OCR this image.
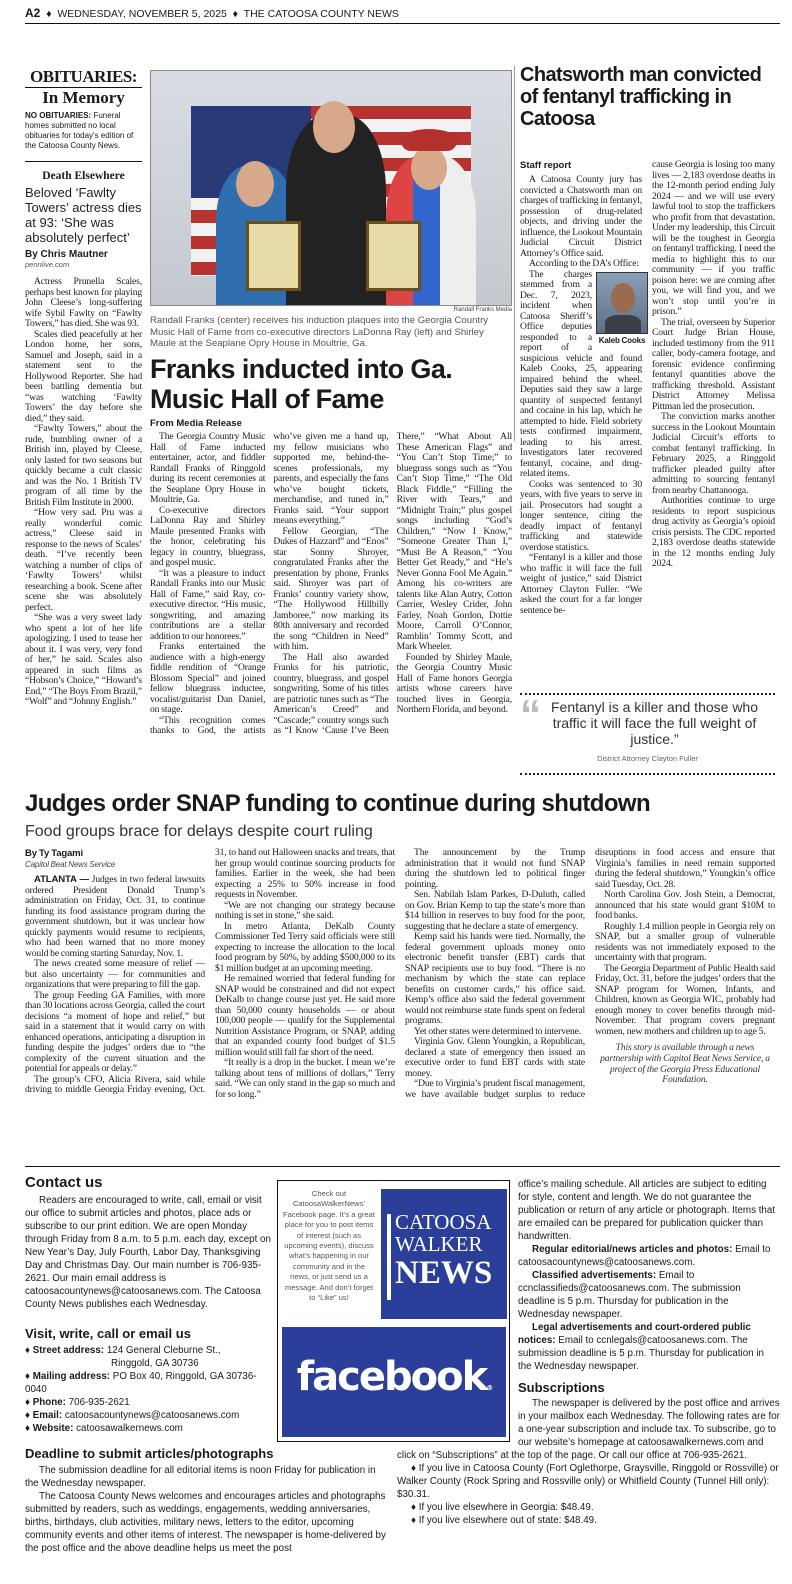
A2 ♦ WEDNESDAY, NOVEMBER 5, 2025 ♦ THE CATOOSA COUNTY NEWS
OBITUARIES:
In Memory
NO OBITUARIES: Funeral homes submitted no local obituaries for today's edition of the Catoosa County News.
Death Elsewhere
Beloved ‘Fawlty Towers’ actress dies at 93: ‘She was absolutely perfect’
By Chris Mautner
pennlive.com

Actress Prunella Scales, perhaps best known for playing John Cleese’s long-suffering wife Sybil Fawlty on “Fawlty Towers,” has died. She was 93.

Scales died peacefully at her London home, her sons, Samuel and Joseph, said in a statement sent to the Hollywood Reporter. She had been battling dementia but “was watching ‘Fawlty Towers’ the day before she died,” they said.

“Fawlty Towers,” about the rude, bumbling owner of a British inn, played by Cleese, only lasted for two seasons but quickly became a cult classic and was the No. 1 British TV program of all time by the British Film Institute in 2000.

“How very sad. Pru was a really wonderful comic actress,” Cleese said in response to the news of Scales’ death. “I’ve recently been watching a number of clips of ‘Fawlty Towers’ whilst researching a book. Scene after scene she was absolutely perfect.

“She was a very sweet lady who spent a lot of her life apologizing. I used to tease her about it. I was very, very fond of her,” he said. Scales also appeared in such films as “Hobson’s Choice,” “Howard’s End,” “The Boys From Brazil,” “Wolf” and “Johnny English.”

Randall Franks Media
Randall Franks (center) receives his induction plaques into the Georgia Country Music Hall of Fame from co-executive directors LaDonna Ray (left) and Shirley Maule at the Seaplane Opry House in Moultrie, Ga.
Franks inducted into Ga. Music Hall of Fame
From Media Release

The Georgia Country Music Hall of Fame inducted entertainer, actor, and fiddler Randall Franks of Ringgold during its recent ceremonies at the Seaplane Opry House in Moultrie, Ga.

Co-executive directors LaDonna Ray and Shirley Maule presented Franks with the honor, celebrating his legacy in country, bluegrass, and gospel music.

“It was a pleasure to induct Randall Franks into our Music Hall of Fame,” said Ray, co-executive director. “His music, songwriting, and amazing contributions are a stellar addition to our honorees.”

Franks entertained the audience with a high-energy fiddle rendition of “Orange Blossom Special” and joined fellow bluegrass inductee, vocalist/guitarist Dan Daniel, on stage.

“This recognition comes thanks to God, the artists who’ve given me a hand up, my fellow musicians who supported me, behind-the-scenes professionals, my parents, and especially the fans who’ve bought tickets, merchandise, and tuned in,” Franks said. “Your support means everything.”

Fellow Georgian, “The Dukes of Hazzard” and “Enos” star Sonny Shroyer, congratulated Franks after the presentation by phone, Franks said. Shroyer was part of Franks’ country variety show, “The Hollywood Hillbilly Jamboree,” now marking its 80th anniversary and recorded the song “Children in Need” with him.

The Hall also awarded Franks for his patriotic, country, bluegrass, and gospel songwriting. Some of his titles are patriotic tunes such as “The American’s Creed” and “Cascade;” country songs such as “I Know ‘Cause I’ve Been There,” “What About All These American Flags” and “You Can’t Stop Time;” to bluegrass songs such as “You Can’t Stop Time,” “The Old Black Fiddle,” “Filling the River with Tears,” and “Midnight Train;” plus gospel songs including “God’s Children,” “Now I Know,” “Someone Greater Than I,” “Must Be A Reason,” “You Better Get Ready,” and “He’s Never Gonna Fool Me Again.” Among his co-writers are talents like Alan Autry, Cotton Carrier, Wesley Crider, John Farley, Noah Gordon, Dottie Moore, Carroll O’Connor, Ramblin’ Tommy Scott, and Mark Wheeler.

Founded by Shirley Maule, the Georgia Country Music Hall of Fame honors Georgia artists whose careers have touched lives in Georgia, Northern Florida, and beyond.

Chatsworth man convicted of fentanyl trafficking in Catoosa
Staff report

A Catoosa County jury has convicted a Chatsworth man on charges of trafficking in fentanyl, possession of drug-related objects, and driving under the influence, the Lookout Mountain Judicial Circuit District Attorney’s Office said.

According to the DA’s Office:

Kaleb Cooks

The charges stemmed from a Dec. 7, 2023, incident when Catoosa Sheriff’s Office deputies responded to a report of a suspicious vehicle and found Kaleb Cooks, 25, appearing impaired behind the wheel. Deputies said they saw a large quantity of suspected fentanyl and cocaine in his lap, which he attempted to hide. Field sobriety tests confirmed impairment, leading to his arrest. Investigators later recovered fentanyl, cocaine, and drug-related items.

Cooks was sentenced to 30 years, with five years to serve in jail. Prosecutors had sought a longer sentence, citing the deadly impact of fentanyl trafficking and statewide overdose statistics.

“Fentanyl is a killer and those who traffic it will face the full weight of justice,” said District Attorney Clayton Fuller. “We asked the court for a far longer sentence be-

cause Georgia is losing too many lives — 2,183 overdose deaths in the 12-month period ending July 2024 — and we will use every lawful tool to stop the traffickers who profit from that devastation. Under my leadership, this Circuit will be the toughest in Georgia on fentanyl trafficking. I need the media to highlight this to our community — if you traffic poison here: we are coming after you, we will find you, and we won’t stop until you’re in prison.”

The trial, overseen by Superior Court Judge Brian House, included testimony from the 911 caller, body-camera footage, and forensic evidence confirming fentanyl quantities above the trafficking threshold. Assistant District Attorney Melissa Pittman led the prosecution.

The conviction marks another success in the Lookout Mountain Judicial Circuit’s efforts to combat fentanyl trafficking. In February 2025, a Ringgold trafficker pleaded guilty after admitting to sourcing fentanyl from nearby Chattanooga.

Authorities continue to urge residents to report suspicious drug activity as Georgia’s opioid crisis persists. The CDC reported 2,183 overdose deaths statewide in the 12 months ending July 2024.

“ Fentanyl is a killer and those who traffic it will face the full weight of justice.”
District Attorney Clayton Fuller
Judges order SNAP funding to continue during shutdown
Food groups brace for delays despite court ruling
By Ty Tagami
Capitol Beat News Service

ATLANTA — Judges in two federal lawsuits ordered President Donald Trump’s administration on Friday, Oct. 31, to continue funding its food assistance program during the government shutdown, but it was unclear how quickly payments would resume to recipients, who had been warned that no more money would be coming starting Saturday, Nov. 1.

The news created some measure of relief — but also uncertainty — for communities and organizations that were preparing to fill the gap.

The group Feeding GA Families, with more than 30 locations across Georgia, called the court decisions “a moment of hope and relief,” but said in a statement that it would carry on with enhanced operations, anticipating a disruption in funding despite the judges’ orders due to “the complexity of the current situation and the potential for appeals or delay.”

The group’s CFO, Alicia Rivera, said while driving to middle Georgia Friday evening, Oct. 31, to hand out Halloween snacks and treats, that her group would continue sourcing products for families. Earlier in the week, she had been expecting a 25% to 50% increase in food requests in November.

“We are not changing our strategy because nothing is set in stone,” she said.

In metro Atlanta, DeKalb County Commissioner Ted Terry said officials were still expecting to increase the allocation to the local food program by 50%, by adding $500,000 to its $1 million budget at an upcoming meeting.

He remained worried that federal funding for SNAP would be constrained and did not expect DeKalb to change course just yet. He said more than 50,000 county households — or about 100,000 people — qualify for the Supplemental Nutrition Assistance Program, or SNAP, adding that an expanded county food budget of $1.5 million would still fall far short of the need.

“It really is a drop in the bucket. I mean we’re talking about tens of millions of dollars,” Terry said. “We can only stand in the gap so much and for so long.”

The announcement by the Trump administration that it would not fund SNAP during the shutdown led to political finger pointing.

Sen. Nabilah Islam Parkes, D-Duluth, called on Gov. Brian Kemp to tap the state’s more than $14 billion in reserves to buy food for the poor, suggesting that he declare a state of emergency.

Kemp said his hands were tied. Normally, the federal government uploads money onto electronic benefit transfer (EBT) cards that SNAP recipients use to buy food. “There is no mechanism by which the state can replace benefits on customer cards,” his office said. Kemp’s office also said the federal government would not reimburse state funds spent on federal programs.

Yet other states were determined to intervene.

Virginia Gov. Glenn Youngkin, a Republican, declared a state of emergency then issued an executive order to fund EBT cards with state money.

“Due to Virginia’s prudent fiscal management, we have available budget surplus to reduce disruptions in food access and ensure that Virginia’s families in need remain supported during the federal shutdown,” Youngkin’s office said Tuesday, Oct. 28.

North Carolina Gov. Josh Stein, a Democrat, announced that his state would grant $10M to food banks.

Roughly 1.4 million people in Georgia rely on SNAP, but a smaller group of vulnerable residents was not immediately exposed to the uncertainty with that program.

The Georgia Department of Public Health said Friday, Oct. 31, before the judges’ orders that the SNAP program for Women, Infants, and Children, known as Georgia WIC, probably had enough money to cover benefits through mid-November. That program covers pregnant women, new mothers and children up to age 5.

This story is available through a news partnership with Capitol Beat News Service, a project of the Georgia Press Educational Foundation.
Contact us

Readers are encouraged to write, call, email or visit our office to submit articles and photos, place ads or subscribe to our print edition. We are open Monday through Friday from 8 a.m. to 5 p.m. each day, except on New Year’s Day, July Fourth, Labor Day, Thanksgiving Day and Christmas Day. Our main number is 706-935-2621. Our main email address is catoosacountynews@catoosanews.com. The Catoosa County News publishes each Wednesday.

Visit, write, call or email us
♦ Street address: 124 General Cleburne St.,
Ringgold, GA 30736
♦ Mailing address: PO Box 40, Ringgold, GA 30736-0040
♦ Phone: 706-935-2621
♦ Email: catoosacountynews@catoosanews.com
♦ Website: catoosawalkernews.com
Check out CatoosaWalkerNews’ Facebook page. It’s a great place for you to post items of interest (such as upcoming events), discuss what’s happening in our community and in the news, or just send us a message. And don’t forget to “Like” us!
CATOOSA
WALKER
NEWS
facebook®
office’s mailing schedule. All articles are subject to editing for style, content and length. We do not guarantee the publication or return of any article or photograph. Items that are emailed can be prepared for publication quicker than handwritten.

Regular editorial/news articles and photos: Email to catoosacountynews@catoosanews.com.

Classified advertisements: Email to ccnclassifieds@catoosanews.com. The submission deadline is 5 p.m. Thursday for publication in the Wednesday newspaper.

Legal advertisements and court-ordered public notices: Email to ccnlegals@catoosanews.com. The submission deadline is 5 p.m. Thursday for publication in the Wednesday newspaper.

Subscriptions

The newspaper is delivered by the post office and arrives in your mailbox each Wednesday. The following rates are for a one-year subscription and include tax. To subscribe, go to our website’s homepage at catoosawalkernews.com and click on “Subscriptions” at the top of the page. Or call our office at 706-935-2621.

♦ If you live in Catoosa County (Fort Oglethorpe, Graysville, Ringgold or Rossville) or Walker County (Rock Spring and Rossville only) or Whitfield County (Tunnel Hill only): $30.31.

♦ If you live elsewhere in Georgia: $48.49.

♦ If you live elsewhere out of state: $48.49.

Deadline to submit articles/photographs

The submission deadline for all editorial items is noon Friday for publication in the Wednesday newspaper.

The Catoosa County News welcomes and encourages articles and photographs submitted by readers, such as weddings, engagements, wedding anniversaries, births, birthdays, club activities, military news, letters to the editor, upcoming community events and other items of interest. The newspaper is home-delivered by the post office and the above deadline helps us meet the post
